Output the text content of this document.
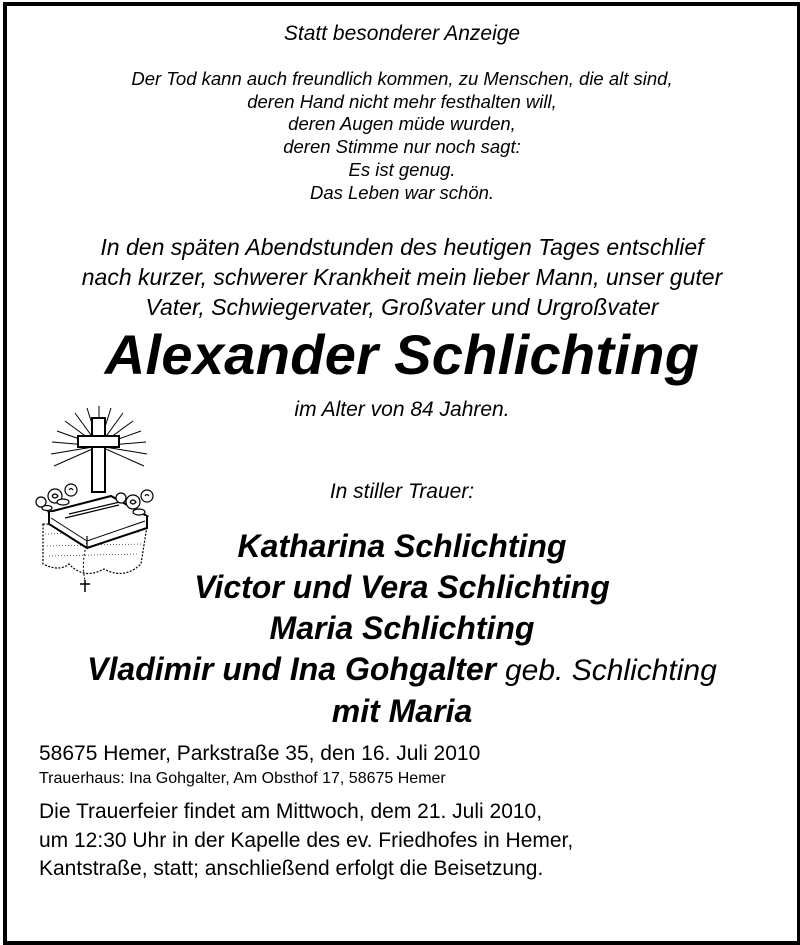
Statt besonderer Anzeige
Der Tod kann auch freundlich kommen, zu Menschen, die alt sind,
deren Hand nicht mehr festhalten will,
deren Augen müde wurden,
deren Stimme nur noch sagt:
Es ist genug.
Das Leben war schön.
In den späten Abendstunden des heutigen Tages entschlief
nach kurzer, schwerer Krankheit mein lieber Mann, unser guter
Vater, Schwiegervater, Großvater und Urgroßvater
Alexander Schlichting
im Alter von 84 Jahren.
In stiller Trauer:
Katharina Schlichting
Victor und Vera Schlichting
Maria Schlichting
Vladimir und Ina Gohgalter geb. Schlichting
mit Maria
58675 Hemer, Parkstraße 35, den 16. Juli 2010
Trauerhaus: Ina Gohgalter, Am Obsthof 17, 58675 Hemer
Die Trauerfeier findet am Mittwoch, dem 21. Juli 2010,
um 12:30 Uhr in der Kapelle des ev. Friedhofes in Hemer,
Kantstraße, statt; anschließend erfolgt die Beisetzung.
